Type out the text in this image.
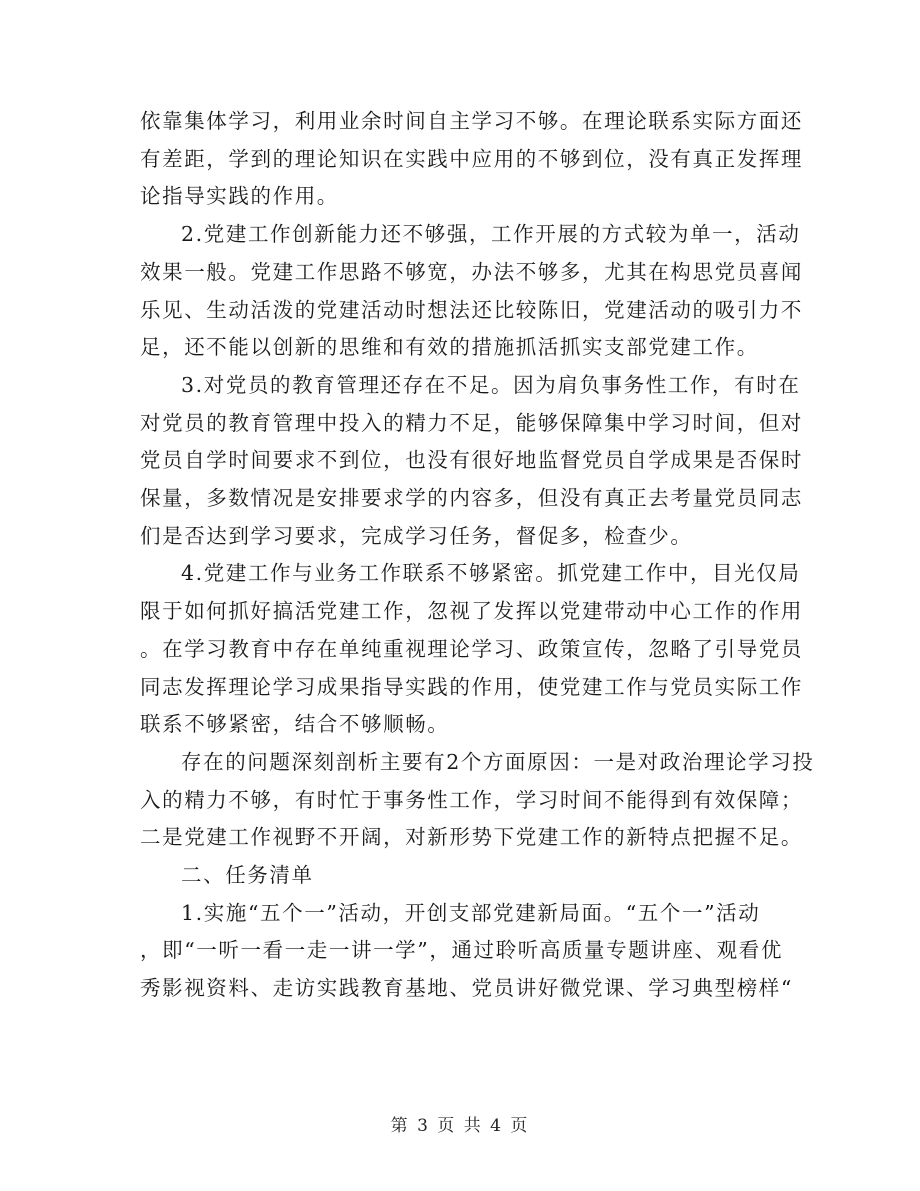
依靠集体学习，利用业余时间自主学习不够。在理论联系实际方面还
有差距，学到的理论知识在实践中应用的不够到位，没有真正发挥理
论指导实践的作用。

2.党建工作创新能力还不够强，工作开展的方式较为单一，活动
效果一般。党建工作思路不够宽，办法不够多，尤其在构思党员喜闻
乐见、生动活泼的党建活动时想法还比较陈旧，党建活动的吸引力不
足，还不能以创新的思维和有效的措施抓活抓实支部党建工作。

3.对党员的教育管理还存在不足。因为肩负事务性工作，有时在
对党员的教育管理中投入的精力不足，能够保障集中学习时间，但对
党员自学时间要求不到位，也没有很好地监督党员自学成果是否保时
保量，多数情况是安排要求学的内容多，但没有真正去考量党员同志
们是否达到学习要求，完成学习任务，督促多，检查少。

4.党建工作与业务工作联系不够紧密。抓党建工作中，目光仅局
限于如何抓好搞活党建工作，忽视了发挥以党建带动中心工作的作用
。在学习教育中存在单纯重视理论学习、政策宣传，忽略了引导党员
同志发挥理论学习成果指导实践的作用，使党建工作与党员实际工作
联系不够紧密，结合不够顺畅。

存在的问题深刻剖析主要有2个方面原因：一是对政治理论学习投
入的精力不够，有时忙于事务性工作，学习时间不能得到有效保障；
二是党建工作视野不开阔，对新形势下党建工作的新特点把握不足。

二、任务清单

1.实施“五个一”活动，开创支部党建新局面。“五个一”活动
，即“一听一看一走一讲一学”，通过聆听高质量专题讲座、观看优
秀影视资料、走访实践教育基地、党员讲好微党课、学习典型榜样“

第 3 页 共 4 页
